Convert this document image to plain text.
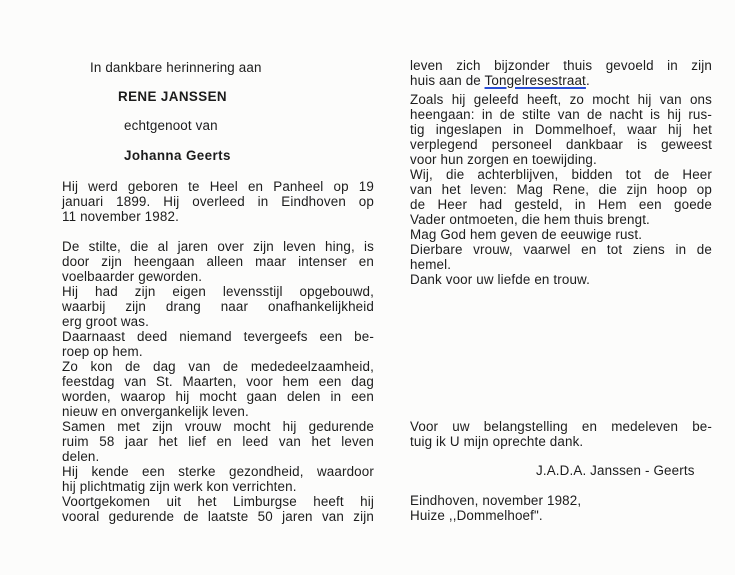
In dankbare herinnering aan
RENE JANSSEN
echtgenoot van
Johanna Geerts
Hij werd geboren te Heel en Panheel op 19
januari 1899. Hij overleed in Eindhoven op
11 november 1982.
De stilte, die al jaren over zijn leven hing, is
door zijn heengaan alleen maar intenser en
voelbaarder geworden.
Hij had zijn eigen levensstijl opgebouwd,
waarbij zijn drang naar onafhankelijkheid
erg groot was.
Daarnaast deed niemand tevergeefs een be-
roep op hem.
Zo kon de dag van de mededeelzaamheid,
feestdag van St. Maarten, voor hem een dag
worden, waarop hij mocht gaan delen in een
nieuw en onvergankelijk leven.
Samen met zijn vrouw mocht hij gedurende
ruim 58 jaar het lief en leed van het leven
delen.
Hij kende een sterke gezondheid, waardoor
hij plichtmatig zijn werk kon verrichten.
Voortgekomen uit het Limburgse heeft hij
vooral gedurende de laatste 50 jaren van zijn
leven zich bijzonder thuis gevoeld in zijn
huis aan de Tongelresestraat.
Zoals hij geleefd heeft, zo mocht hij van ons
heengaan: in de stilte van de nacht is hij rus-
tig ingeslapen in Dommelhoef, waar hij het
verplegend personeel dankbaar is geweest
voor hun zorgen en toewijding.
Wij, die achterblijven, bidden tot de Heer
van het leven: Mag Rene, die zijn hoop op
de Heer had gesteld, in Hem een goede
Vader ontmoeten, die hem thuis brengt.
Mag God hem geven de eeuwige rust.
Dierbare vrouw, vaarwel en tot ziens in de
hemel.
Dank voor uw liefde en trouw.
Voor uw belangstelling en medeleven be-
tuig ik U mijn oprechte dank.
J.A.D.A. Janssen - Geerts
Eindhoven, november 1982,
Huize ,,Dommelhoef".
